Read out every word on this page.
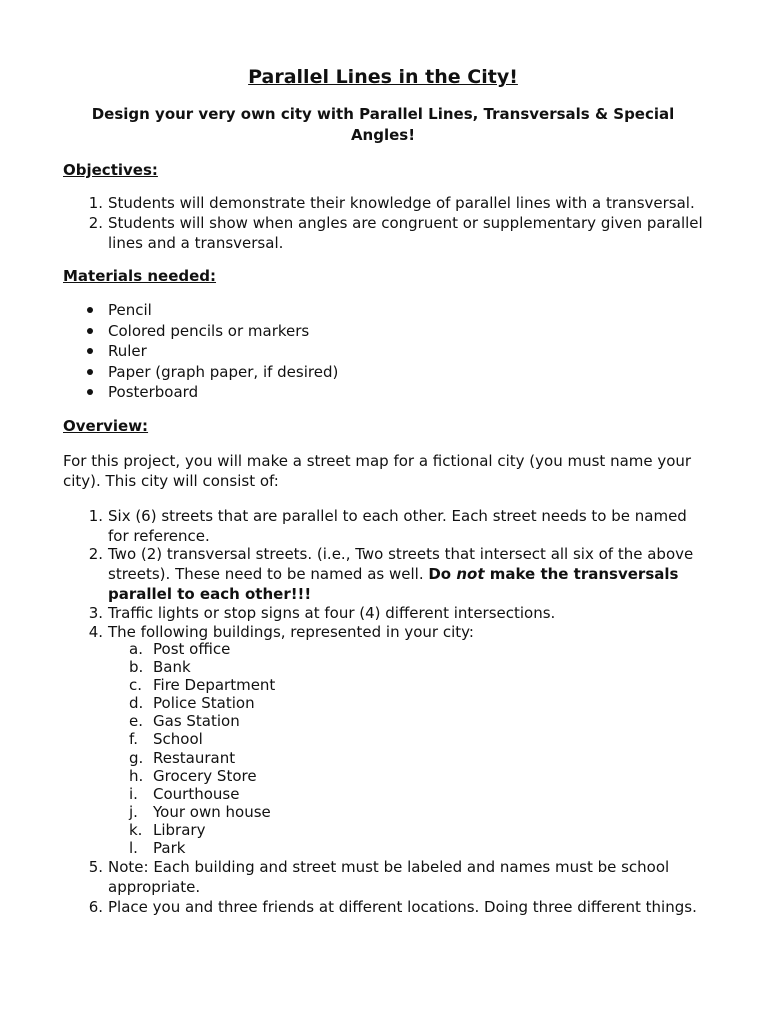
Parallel Lines in the City!
Design your very own city with Parallel Lines, Transversals & Special Angles!
Objectives:
1. Students will demonstrate their knowledge of parallel lines with a transversal.
2. Students will show when angles are congruent or supplementary given parallel lines and a transversal.
Materials needed:
Pencil
Colored pencils or markers
Ruler
Paper (graph paper, if desired)
Posterboard
Overview:
For this project, you will make a street map for a fictional city (you must name your city). This city will consist of:
1. Six (6) streets that are parallel to each other. Each street needs to be named for reference.
2. Two (2) transversal streets. (i.e., Two streets that intersect all six of the above streets). These need to be named as well. Do not make the transversals parallel to each other!!!
3. Traffic lights or stop signs at four (4) different intersections.
4. The following buildings, represented in your city:
a. Post office
b. Bank
c. Fire Department
d. Police Station
e. Gas Station
f. School
g. Restaurant
h. Grocery Store
i. Courthouse
j. Your own house
k. Library
l. Park
5. Note: Each building and street must be labeled and names must be school appropriate.
6. Place you and three friends at different locations. Doing three different things.
